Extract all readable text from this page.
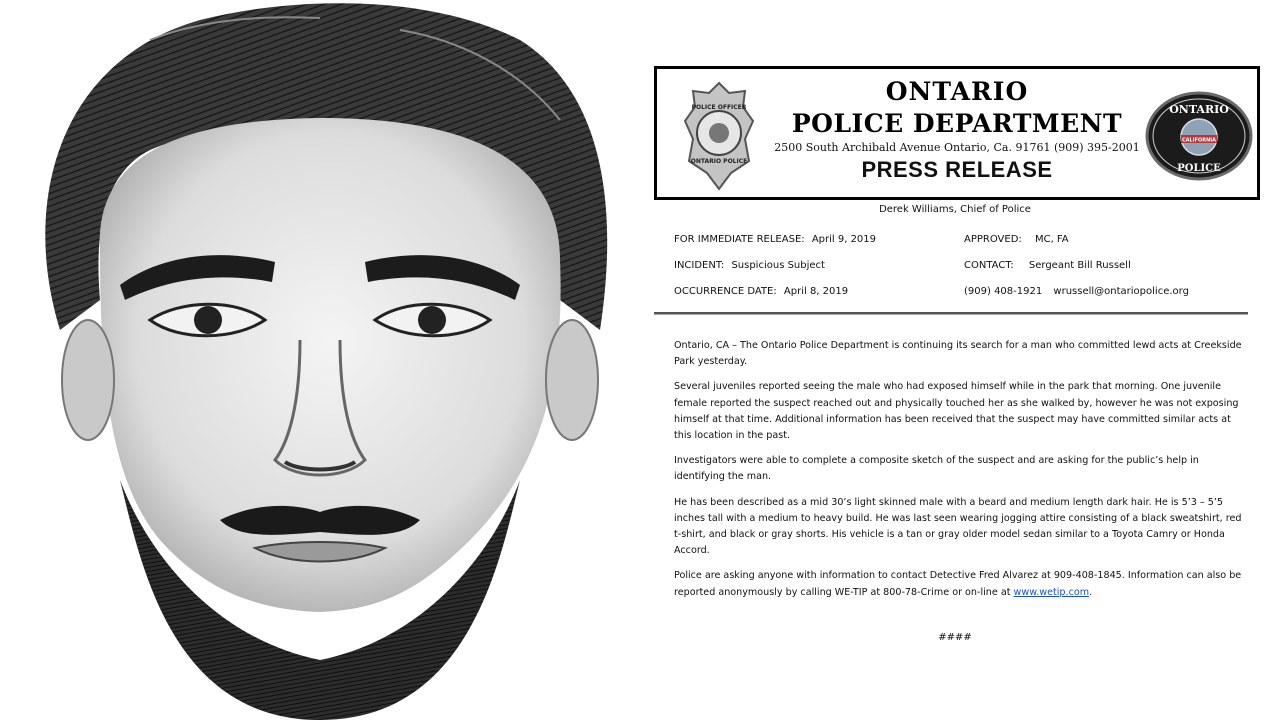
POLICE OFFICER
ONTARIO POLICE
ONTARIO
POLICE DEPARTMENT
2500 South Archibald Avenue Ontario, Ca. 91761 (909) 395-2001
PRESS RELEASE
CALIFORNIA
ONTARIO
POLICE
Derek Williams, Chief of Police
FOR IMMEDIATE RELEASE: April 9, 2019	APPROVED: MC, FA
INCIDENT: Suspicious Subject	CONTACT: Sergeant Bill Russell
OCCURRENCE DATE: April 8, 2019	(909) 408-1921 wrussell@ontariopolice.org

Ontario, CA – The Ontario Police Department is continuing its search for a man who committed lewd acts at Creekside Park yesterday.

Several juveniles reported seeing the male who had exposed himself while in the park that morning. One juvenile female reported the suspect reached out and physically touched her as she walked by, however he was not exposing himself at that time. Additional information has been received that the suspect may have committed similar acts at this location in the past.

Investigators were able to complete a composite sketch of the suspect and are asking for the public’s help in identifying the man.

He has been described as a mid 30’s light skinned male with a beard and medium length dark hair. He is 5’3 – 5’5 inches tall with a medium to heavy build. He was last seen wearing jogging attire consisting of a black sweatshirt, red t-shirt, and black or gray shorts. His vehicle is a tan or gray older model sedan similar to a Toyota Camry or Honda Accord.

Police are asking anyone with information to contact Detective Fred Alvarez at 909-408-1845. Information can also be reported anonymously by calling WE-TIP at 800-78-Crime or on-line at www.wetip.com.

####
